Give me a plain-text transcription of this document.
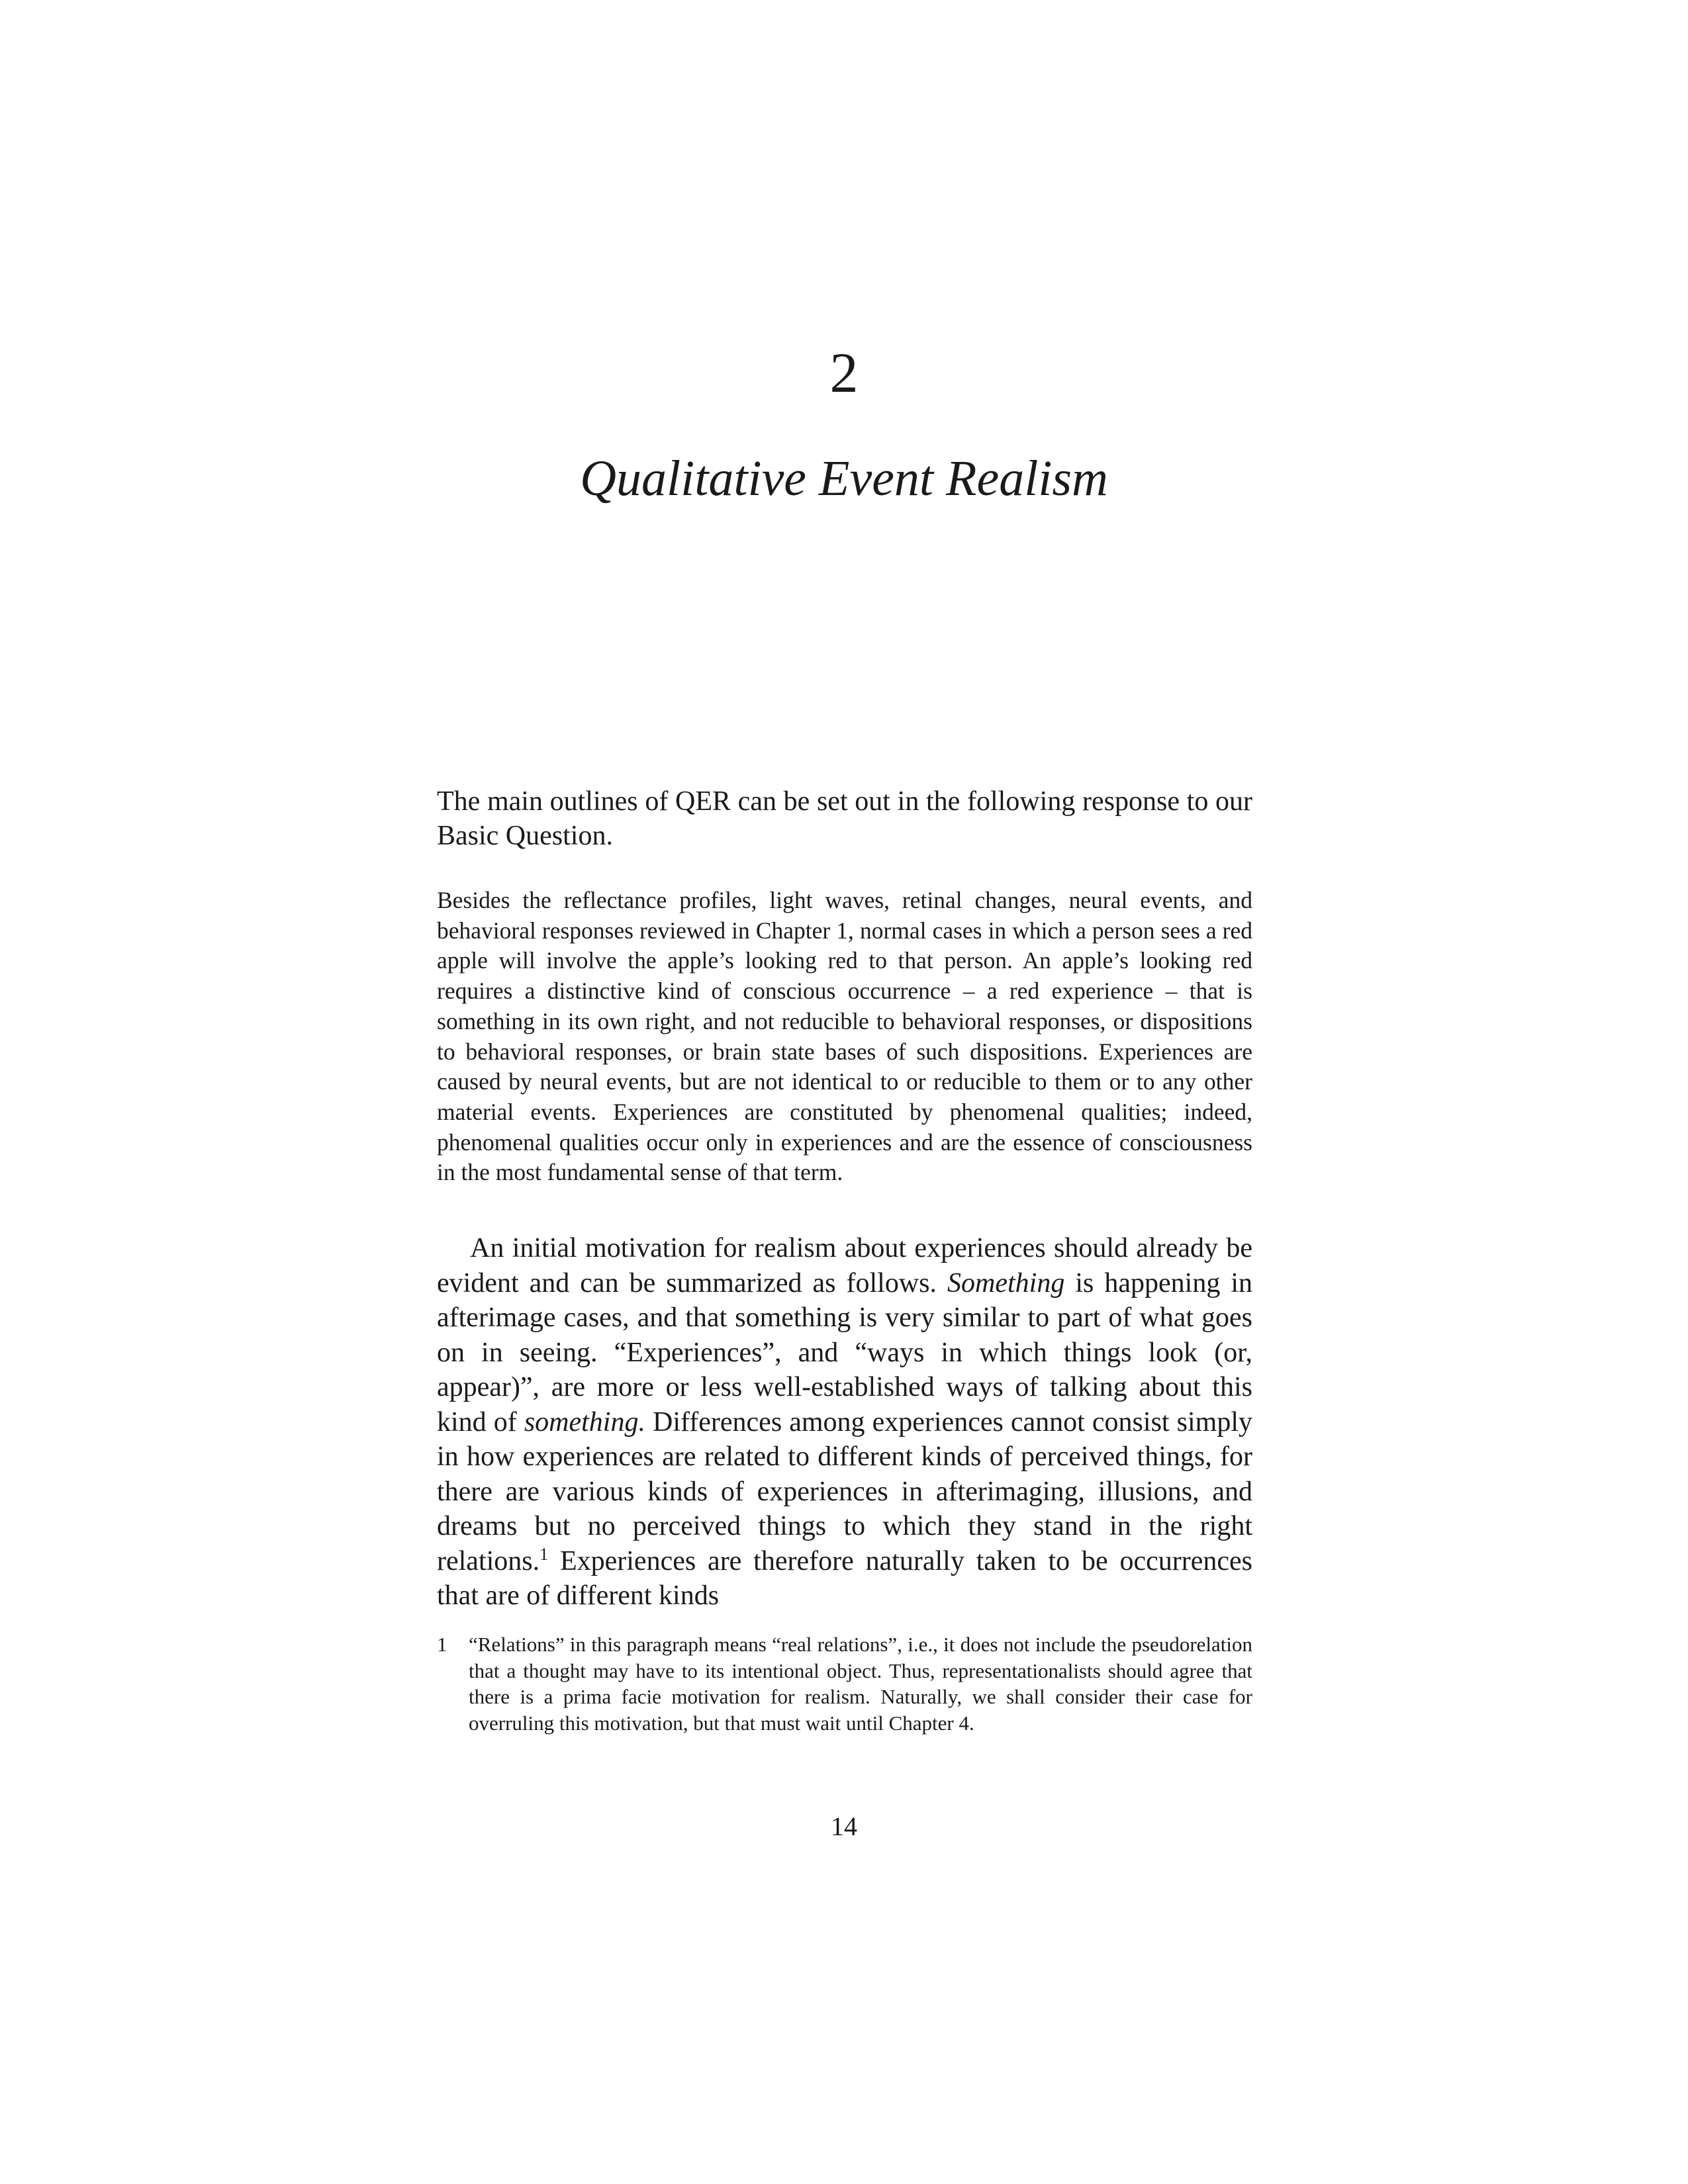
2
Qualitative Event Realism

The main outlines of QER can be set out in the following response to our Basic Question.

Besides the reflectance profiles, light waves, retinal changes, neural events, and behavioral responses reviewed in Chapter 1, normal cases in which a person sees a red apple will involve the apple’s looking red to that person. An apple’s looking red requires a distinctive kind of conscious occurrence – a red experience – that is something in its own right, and not reducible to behavioral responses, or dispositions to behavioral responses, or brain state bases of such dispositions. Experiences are caused by neural events, but are not identical to or reducible to them or to any other material events. Experiences are constituted by phenomenal qualities; indeed, phenomenal qualities occur only in experiences and are the essence of consciousness in the most fundamental sense of that term.

An initial motivation for realism about experiences should already be evident and can be summarized as follows. Something is happening in afterimage cases, and that something is very similar to part of what goes on in seeing. “Experiences”, and “ways in which things look (or, appear)”, are more or less well-established ways of talking about this kind of something. Differences among experiences cannot consist simply in how experiences are related to different kinds of perceived things, for there are various kinds of experiences in afterimaging, illusions, and dreams but no perceived things to which they stand in the right relations.$^1$ Experiences are therefore naturally taken to be occurrences that are of different kinds

1 “Relations” in this paragraph means “real relations”, i.e., it does not include the pseudorelation that a thought may have to its intentional object. Thus, representationalists should agree that there is a prima facie motivation for realism. Naturally, we shall consider their case for overruling this motivation, but that must wait until Chapter 4.
14
